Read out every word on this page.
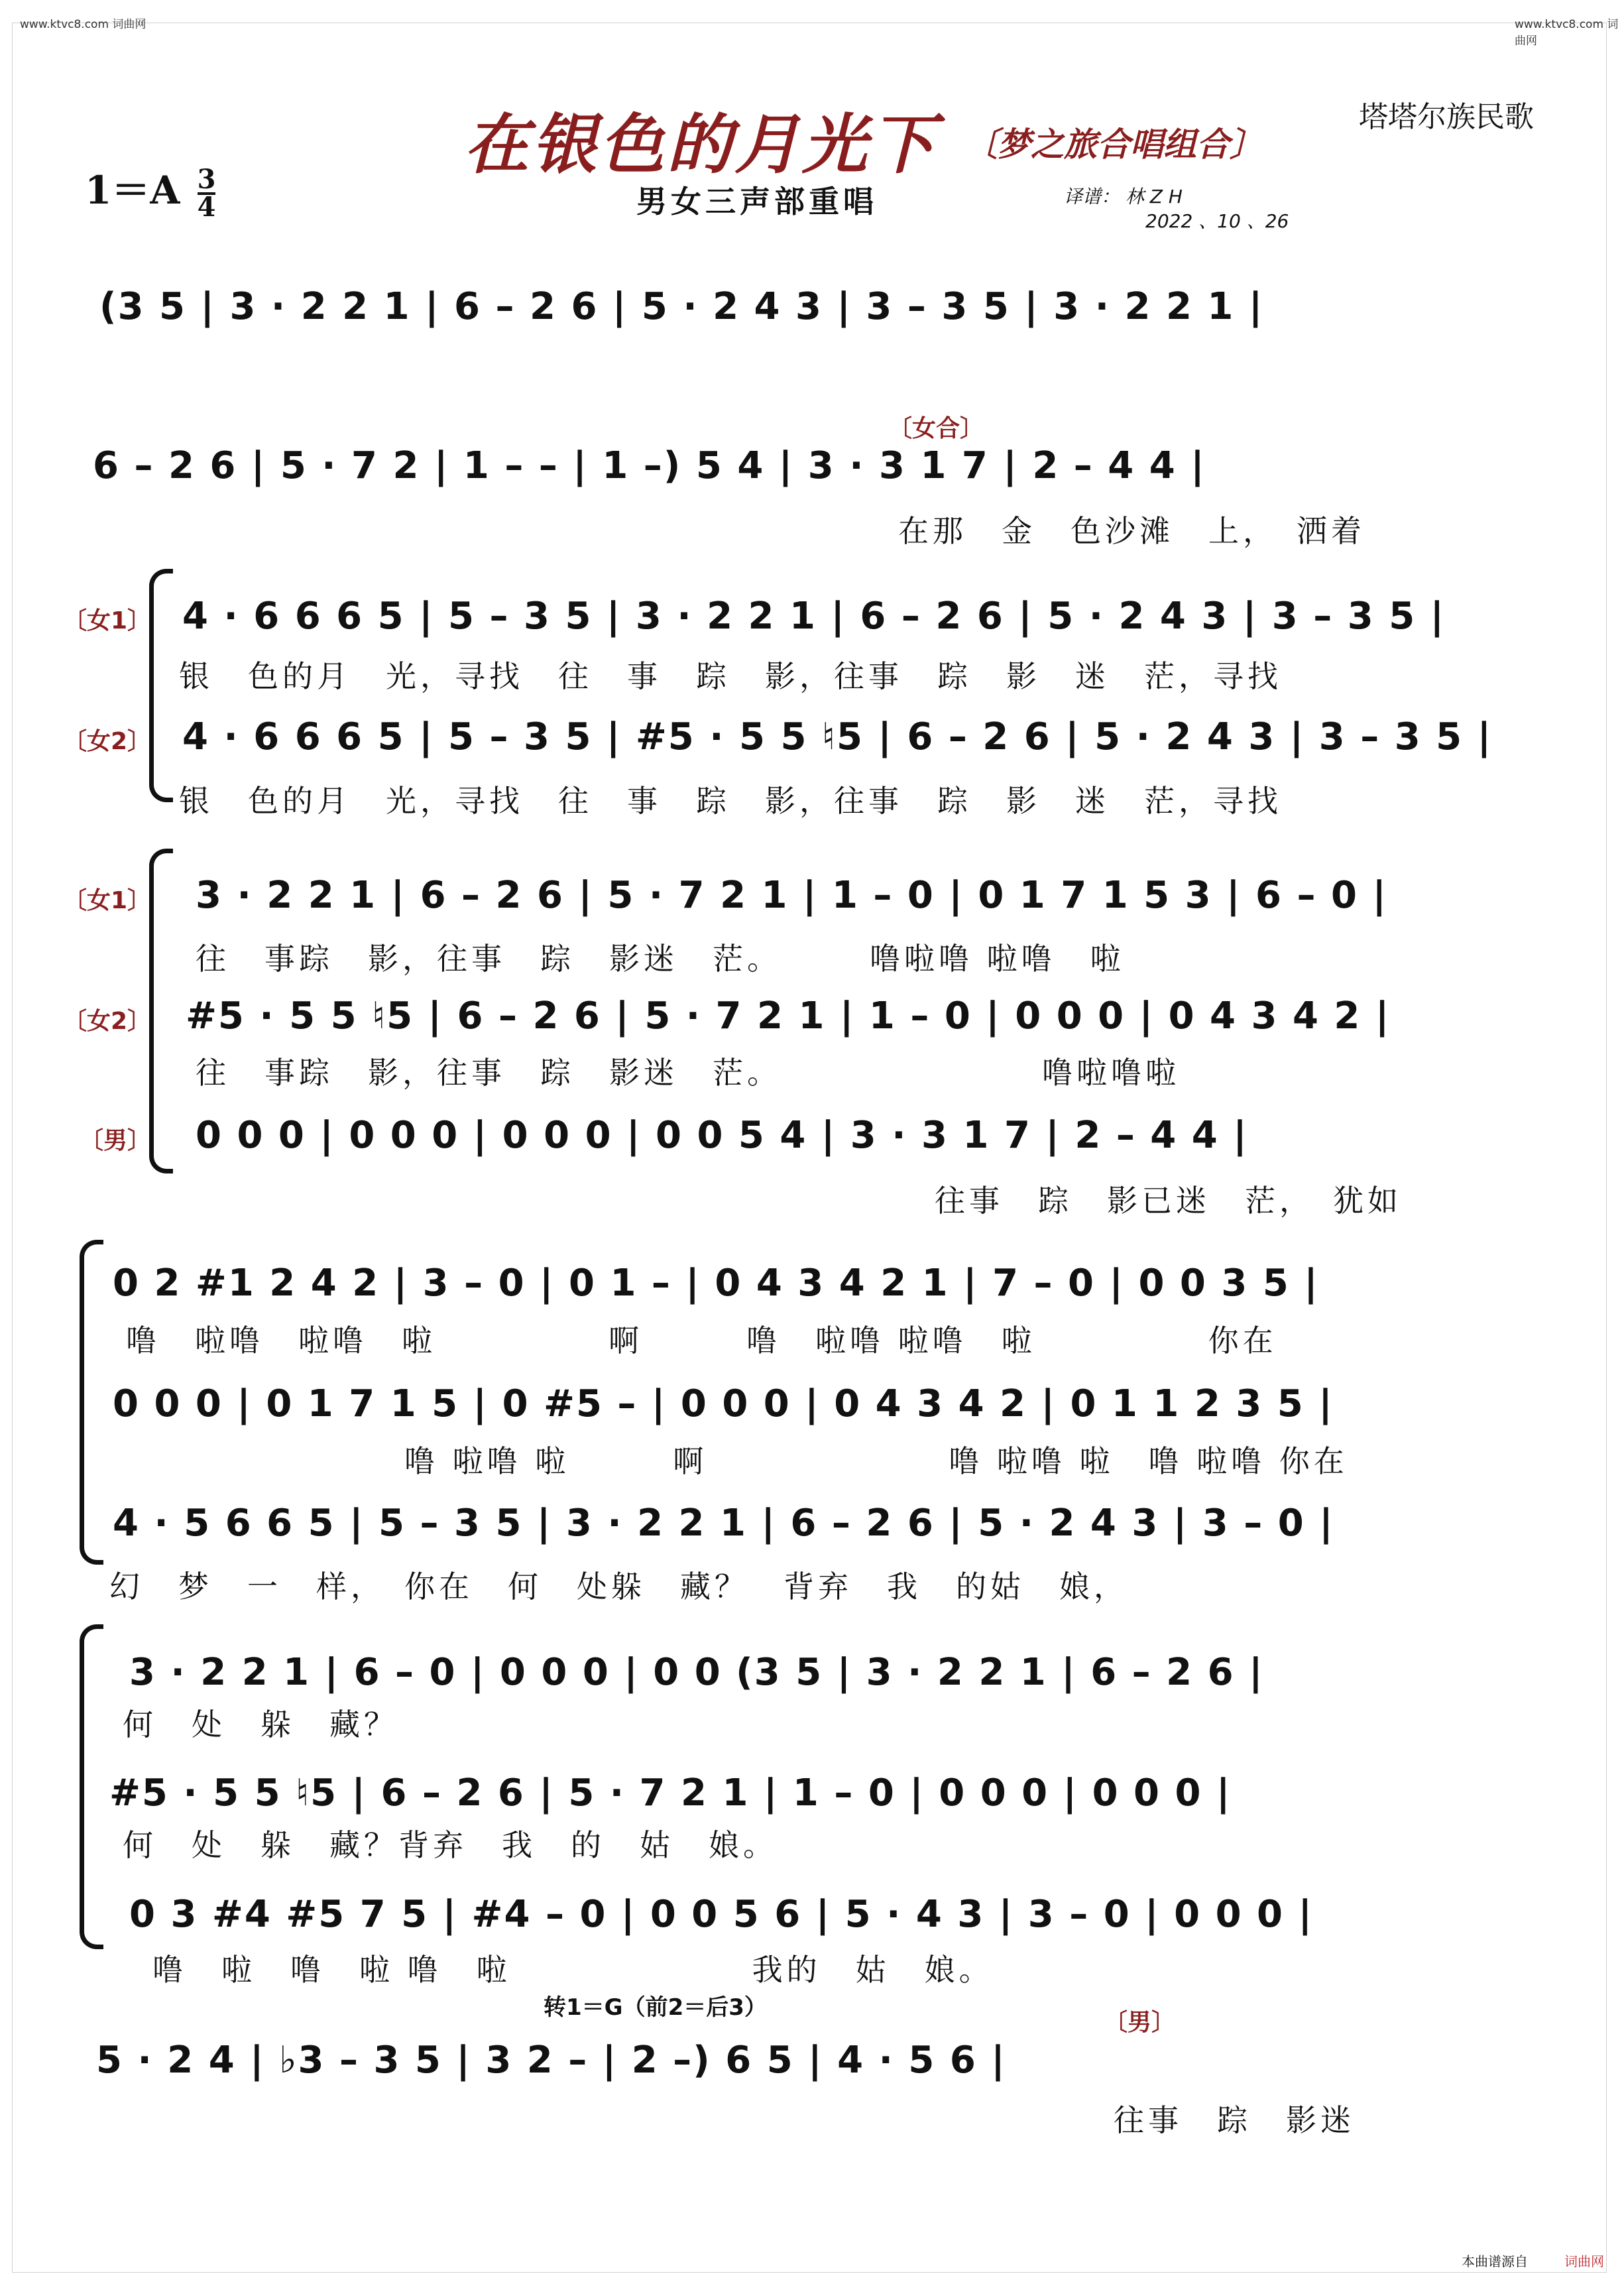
www.ktvc8.com 词曲网	www.ktvc8.com 词曲网
在银色的月光下 〔梦之旅合唱组合〕
塔塔尔族民歌
$1=A \frac{3}{4}$	男女三声部重唱	译谱： 林 Z H
2022 、10 、26
(3 5 | 3 · 2 2 1 | 6 – 2 6 | 5 · 2 4 3 | 3 – 3 5 | 3 · 2 2 1 |
〔女合〕
6 – 2 6 | 5 · 7 2 | 1 – – | 1 –) 5 4 | 3 · 3 1 7 | 2 – 4 4 |
在那　金　色沙滩　上，　洒着
〔女1〕 4 · 6 6 6 5 | 5 – 3 5 | 3 · 2 2 1 | 6 – 2 6 | 5 · 2 4 3 | 3 – 3 5 |
银　色的月　光，寻找　往　事　踪　影，往事　踪　影　迷　茫，寻找
〔女2〕 4 · 6 6 6 5 | 5 – 3 5 | #5 · 5 5 ♮5 | 6 – 2 6 | 5 · 2 4 3 | 3 – 3 5 |
银　色的月　光，寻找　往　事　踪　影，往事　踪　影　迷　茫，寻找
〔女1〕 3 · 2 2 1 | 6 – 2 6 | 5 · 7 2 1 | 1 – 0 | 0 1 7 1 5 3 | 6 – 0 |
往　事踪　影，往事　踪　影迷　茫。　　　噜啦噜 啦噜　啦
〔女2〕 #5 · 5 5 ♮5 | 6 – 2 6 | 5 · 7 2 1 | 1 – 0 | 0 0 0 | 0 4 3 4 2 |
往　事踪　影，往事　踪　影迷　茫。　　　　　　　　噜啦噜啦
〔男〕 0 0 0 | 0 0 0 | 0 0 0 | 0 0 5 4 | 3 · 3 1 7 | 2 – 4 4 |
往事　踪　影已迷　茫，　犹如
0 2 #1 2 4 2 | 3 – 0 | 0 1 – | 0 4 3 4 2 1 | 7 – 0 | 0 0 3 5 |
噜　啦噜　啦噜　啦　　　　　啊　　　噜　啦噜 啦噜　啦　　　　　你在
0 0 0 | 0 1 7 1 5 | 0 #5 – | 0 0 0 | 0 4 3 4 2 | 0 1 1 2 3 5 |
噜 啦噜 啦　　　啊　　　　　　　噜 啦噜 啦　噜 啦噜 你在
4 · 5 6 6 5 | 5 – 3 5 | 3 · 2 2 1 | 6 – 2 6 | 5 · 2 4 3 | 3 – 0 |
幻　梦　一　样，　你在　何　处躲　藏？　背弃　我　的姑　娘，
3 · 2 2 1 | 6 – 0 | 0 0 0 | 0 0 (3 5 | 3 · 2 2 1 | 6 – 2 6 |
何　处　躲　藏？
#5 · 5 5 ♮5 | 6 – 2 6 | 5 · 7 2 1 | 1 – 0 | 0 0 0 | 0 0 0 |
何　处　躲　藏？背弃　我　的　姑　娘。
0 3 #4 #5 7 5 | #4 – 0 | 0 0 5 6 | 5 · 4 3 | 3 – 0 | 0 0 0 |
噜　啦　噜　啦 噜　啦　　　　　　　我的　姑　娘。
转1＝G（前2＝后3）
〔男〕
5 · 2 4 | ♭3 – 3 5 | 3 2 – | 2 –) 6 5 | 4 · 5 6 |
往事　踪　影迷
本曲谱源自	词曲网
